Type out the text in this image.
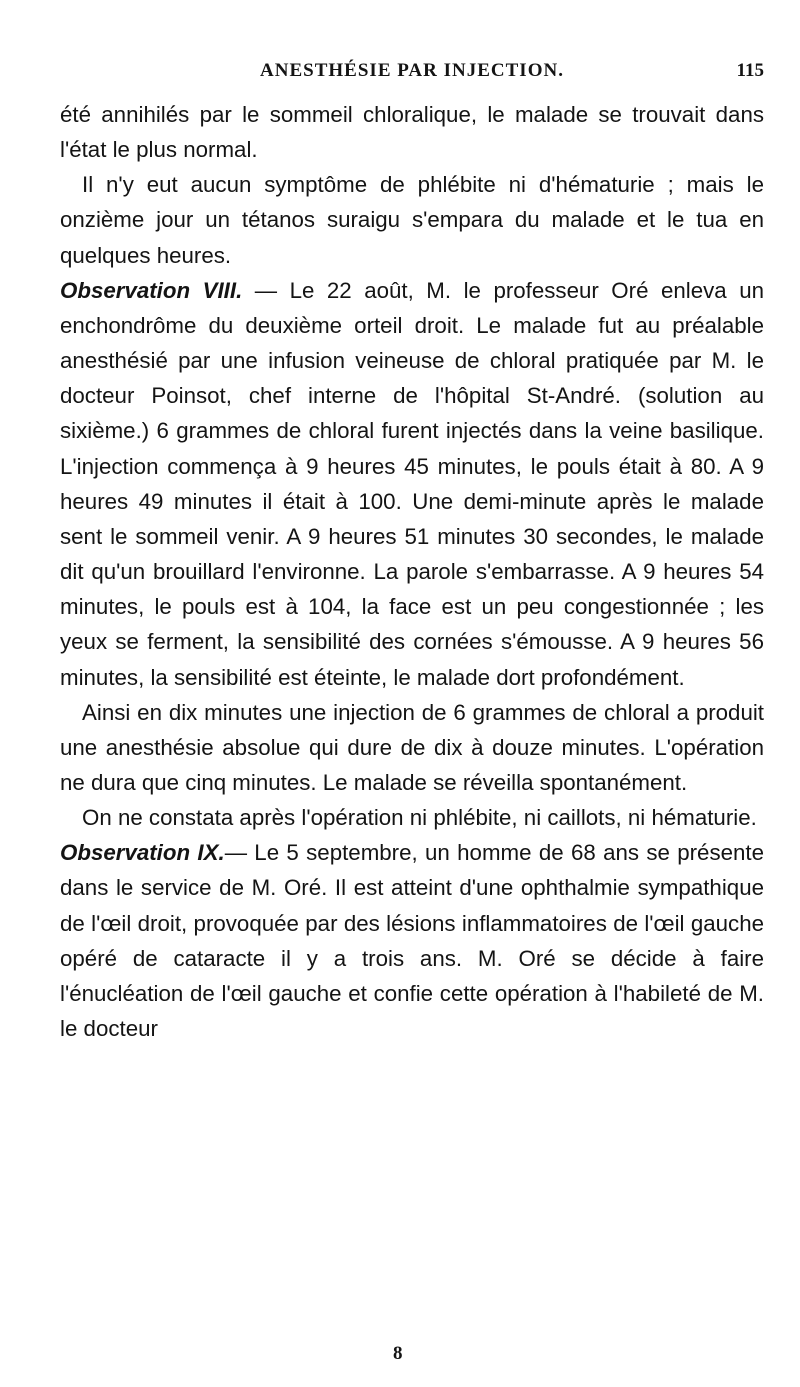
ANESTHÉSIE PAR INJECTION.	115

été annihilés par le sommeil chloralique, le malade se trouvait dans l'état le plus normal.

Il n'y eut aucun symptôme de phlébite ni d'hématurie ; mais le onzième jour un tétanos suraigu s'empara du malade et le tua en quelques heures.

Observation VIII. — Le 22 août, M. le professeur Oré enleva un enchondrôme du deuxième orteil droit. Le malade fut au préalable anesthésié par une infusion veineuse de chloral pratiquée par M. le docteur Poinsot, chef interne de l'hôpital St-André. (solution au sixième.) 6 grammes de chloral furent injectés dans la veine basilique. L'injection commença à 9 heures 45 minutes, le pouls était à 80. A 9 heures 49 minutes il était à 100. Une demi-minute après le malade sent le sommeil venir. A 9 heures 51 minutes 30 secondes, le malade dit qu'un brouillard l'environne. La parole s'embarrasse. A 9 heures 54 minutes, le pouls est à 104, la face est un peu congestionnée ; les yeux se ferment, la sensibilité des cornées s'émousse. A 9 heures 56 minutes, la sensibilité est éteinte, le malade dort profondément.

Ainsi en dix minutes une injection de 6 grammes de chloral a produit une anesthésie absolue qui dure de dix à douze minutes. L'opération ne dura que cinq minutes. Le malade se réveilla spontanément.

On ne constata après l'opération ni phlébite, ni caillots, ni hématurie.

Observation IX.— Le 5 septembre, un homme de 68 ans se présente dans le service de M. Oré. Il est atteint d'une ophthalmie sympathique de l'œil droit, provoquée par des lésions inflammatoires de l'œil gauche opéré de cataracte il y a trois ans. M. Oré se décide à faire l'énucléation de l'œil gauche et confie cette opération à l'habileté de M. le docteur

8
